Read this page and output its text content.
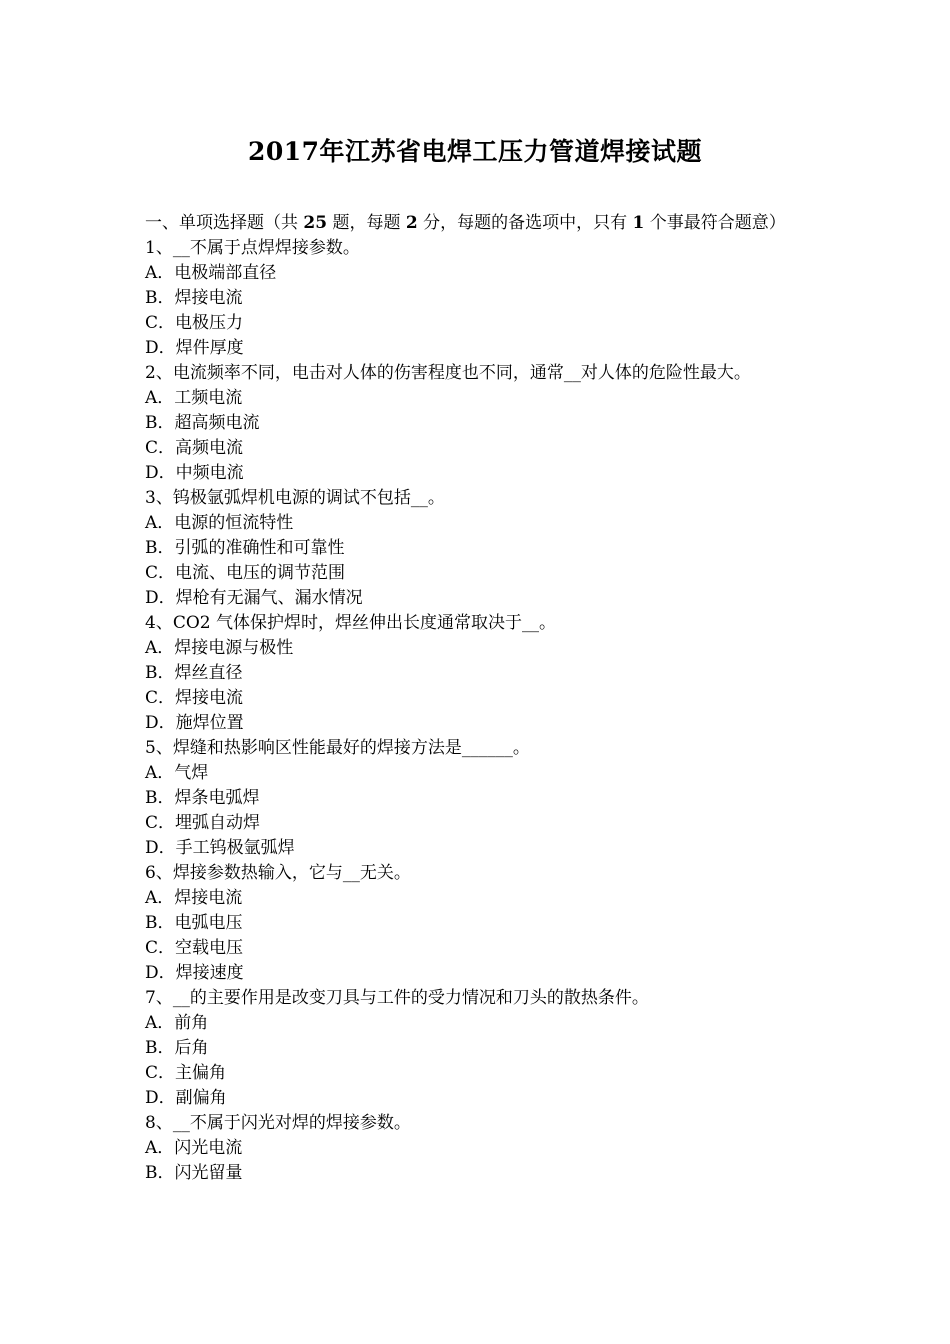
2017年江苏省电焊工压力管道焊接试题
一、单项选择题（共 25 题，每题 2 分，每题的备选项中，只有 1 个事最符合题意）
1、__不属于点焊焊接参数。
A．电极端部直径
B．焊接电流
C．电极压力
D．焊件厚度
2、电流频率不同，电击对人体的伤害程度也不同，通常__对人体的危险性最大。
A．工频电流
B．超高频电流
C．高频电流
D．中频电流
3、钨极氩弧焊机电源的调试不包括__。
A．电源的恒流特性
B．引弧的准确性和可靠性
C．电流、电压的调节范围
D．焊枪有无漏气、漏水情况
4、CO2 气体保护焊时，焊丝伸出长度通常取决于__。
A．焊接电源与极性
B．焊丝直径
C．焊接电流
D．施焊位置
5、焊缝和热影响区性能最好的焊接方法是______。
A．气焊
B．焊条电弧焊
C．埋弧自动焊
D．手工钨极氩弧焊
6、焊接参数热输入，它与__无关。
A．焊接电流
B．电弧电压
C．空载电压
D．焊接速度
7、__的主要作用是改变刀具与工件的受力情况和刀头的散热条件。
A．前角
B．后角
C．主偏角
D．副偏角
8、__不属于闪光对焊的焊接参数。
A．闪光电流
B．闪光留量
